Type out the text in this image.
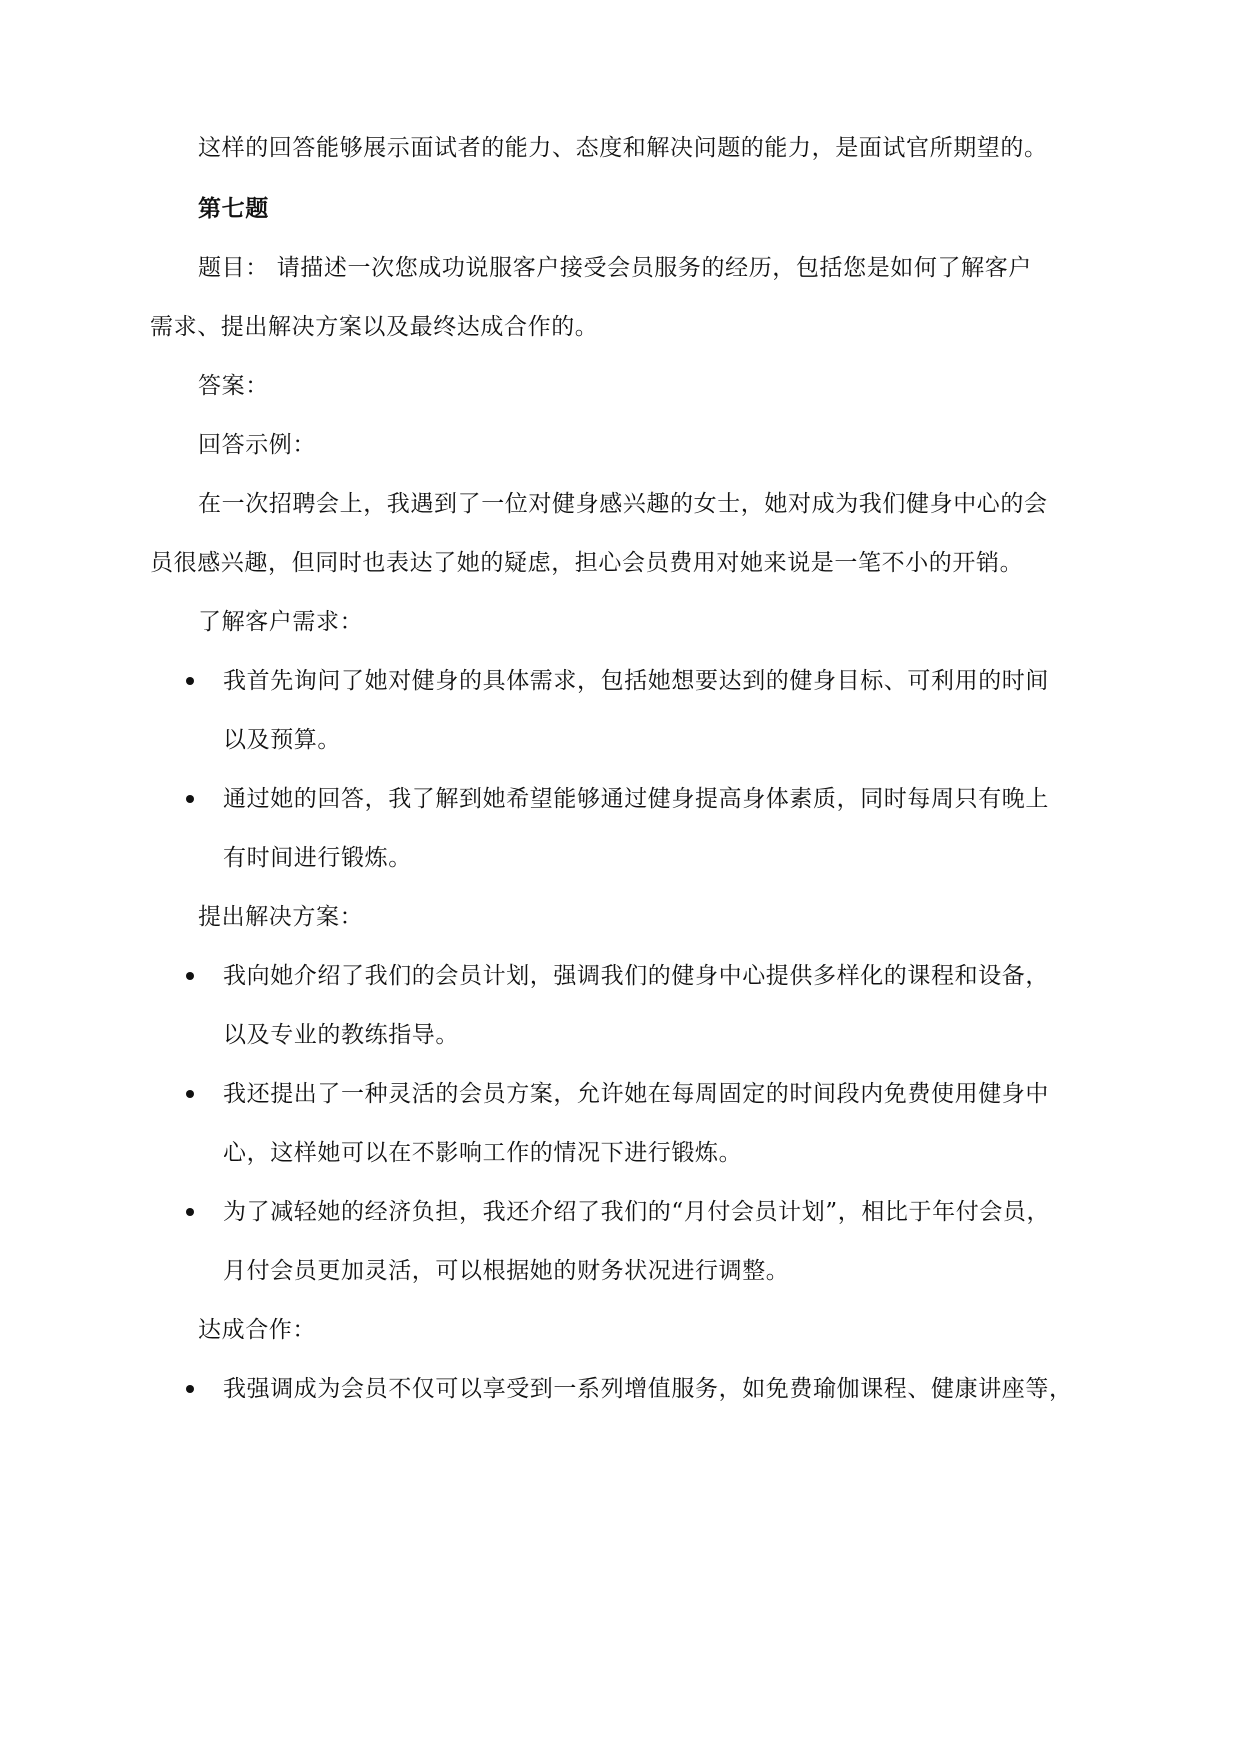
这样的回答能够展示面试者的能力、态度和解决问题的能力，是面试官所期望的。
第七题
题目： 请描述一次您成功说服客户接受会员服务的经历，包括您是如何了解客户
需求、提出解决方案以及最终达成合作的。
答案：
回答示例：
在一次招聘会上，我遇到了一位对健身感兴趣的女士，她对成为我们健身中心的会
员很感兴趣，但同时也表达了她的疑虑，担心会员费用对她来说是一笔不小的开销。
了解客户需求：
我首先询问了她对健身的具体需求，包括她想要达到的健身目标、可利用的时间
以及预算。
通过她的回答，我了解到她希望能够通过健身提高身体素质，同时每周只有晚上
有时间进行锻炼。
提出解决方案：
我向她介绍了我们的会员计划，强调我们的健身中心提供多样化的课程和设备，
以及专业的教练指导。
我还提出了一种灵活的会员方案，允许她在每周固定的时间段内免费使用健身中
心，这样她可以在不影响工作的情况下进行锻炼。
为了减轻她的经济负担，我还介绍了我们的“月付会员计划”，相比于年付会员，
月付会员更加灵活，可以根据她的财务状况进行调整。
达成合作：
我强调成为会员不仅可以享受到一系列增值服务，如免费瑜伽课程、健康讲座等，
